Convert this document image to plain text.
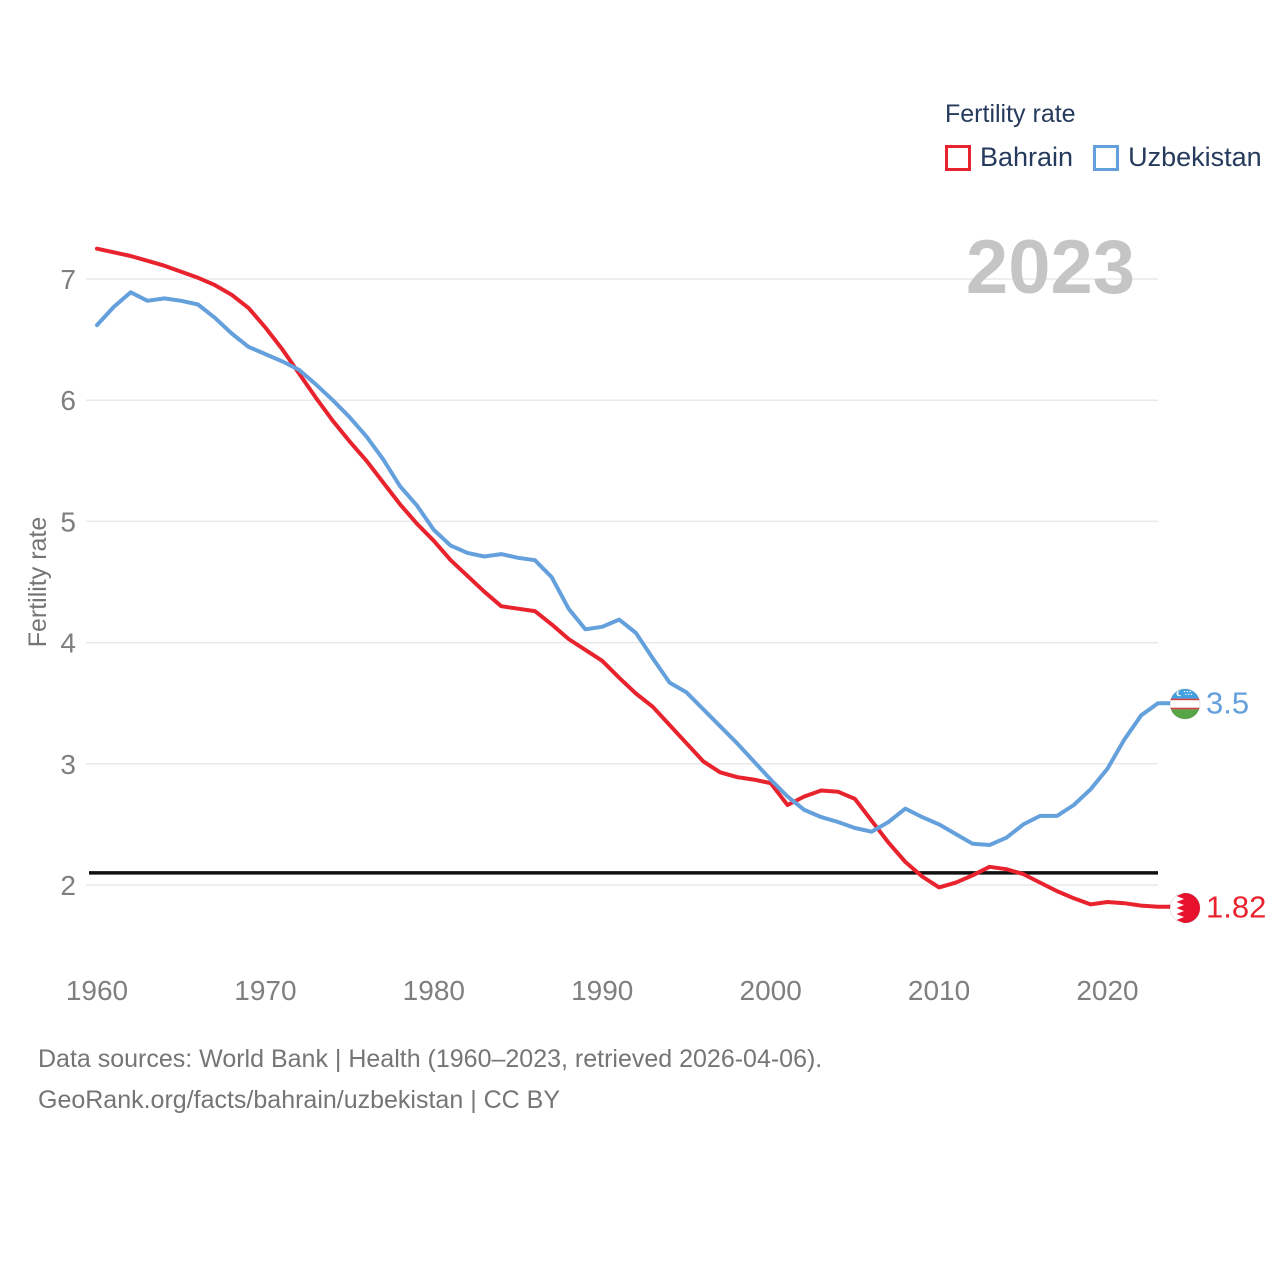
Fertility rate
7
6
5
4
3
2
1960	1970	1980	1990	2000	2010	2020
Fertility rate
Bahrain Uzbekistan
2023
3.5
1.82
Data sources: World Bank | Health (1960–2023, retrieved 2026-04-06).
GeoRank.org/facts/bahrain/uzbekistan | CC BY
